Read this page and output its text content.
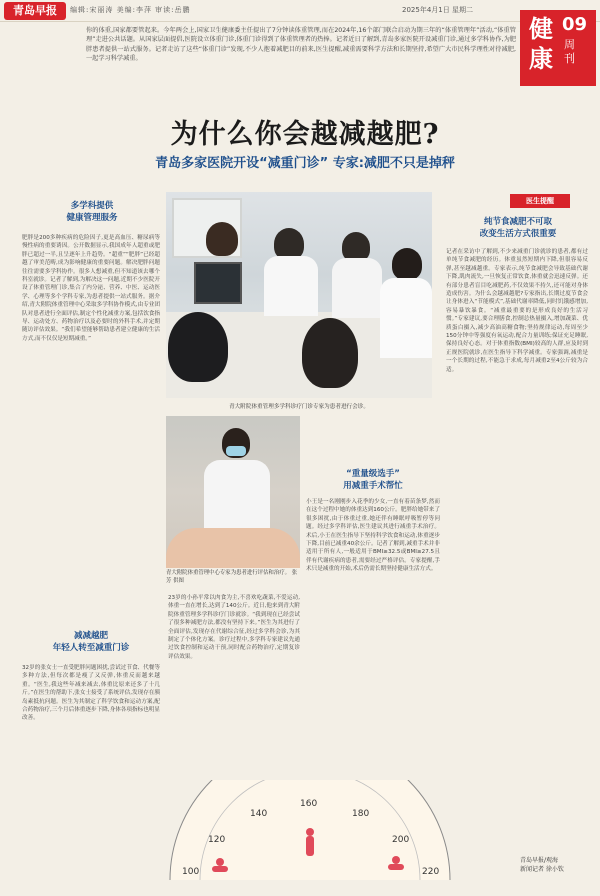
青岛早报	编辑:宋丽涛 美编:李萍 审读:岳鹏	2025年4月1日 星期二
健康
09
周刊
你的体重,国家都要管起来。今年两会上,国家卫生健康委主任提出了7分钟读体重管理,而在2024年,16个部门联合启动为期三年的“体重管理年”活动,“体重管理”走进公共话题。从国家层面提倡,医院设立体重门诊,体重门诊得到了体重管理者的热捧。记者近日了解到,青岛多家医院开设减重门诊,通过多学科协作,为肥胖患者提供一站式服务。记者走访了这些“体重门诊”发现,不少人抱着减肥目的前来,医生提醒,减重需要科学方法和长期坚持,希望广大市民科学理性对待减肥,一起学习科学减重。
为什么你会越减越肥?
青岛多家医院开设“减重门诊” 专家:减肥不只是掉秤
多学科提供
健康管理服务
肥胖是200多种疾病的危险因子,更是高血压、糖尿病等慢性病的重要诱因。公开数据显示,我国成年人超重或肥胖已超过一半,且呈逐年上升趋势。“超重”“肥胖”已经超越了审美范畴,成为影响健康的重要问题。解决肥胖问题往往需要多学科协作。很多人想减重,但不知道该去哪个科室就诊。记者了解到,为解决这一问题,近期不少医院开设了体重管理门诊,集合了内分泌、营养、中医、运动医学、心理等多个学科专家,为患者提供一站式服务。据介绍,青大附院体重管理中心采取多学科协作模式,由专业团队对患者进行全面评估,制定个性化减重方案,包括饮食指导、运动处方、药物治疗以及必要时的外科手术,并定期随访评估效果。“我们希望能够帮助患者建立健康的生活方式,而不仅仅是短期减重。”
减减越肥
年轻人转至减重门诊
32岁的张女士一直受肥胖问题困扰,尝试过节食、代餐等多种方法,但每次都是瘦了又反弹,体重反而越来越重。“医生,我这些年减来减去,体重比原来还多了十几斤。”在医生的帮助下,张女士接受了系统评估,发现存在胰岛素抵抗问题。医生为其制定了科学饮食和运动方案,配合药物治疗,三个月后体重逐步下降,身体各项指标也明显改善。
青大附院体重管理多学科诊疗门诊专家为患者进行会诊。
青大附院体重管理中心专家为患者进行评估和治疗。 张芳 供图
23岁的小孙平常以肉食为主,不喜欢吃蔬菜,不爱运动,体重一直在增长,达到了140公斤。近日,他来到青大附院体重管理多学科诊疗门诊就诊。“我到现在已经尝试了很多种减肥方法,都没有坚持下来。”医生为其进行了全面评估,发现存在代谢综合征,经过多学科会诊,为其制定了个体化方案。诊疗过程中,多学科专家建议先通过饮食控制和运动干预,同时配合药物治疗,定期复诊评估效果。
“重量级选手”
用减重手术帮忙
小王是一名刚刚步入花季的少女,一直有着苗条梦,然而在这个过程中她的体重达到160公斤。肥胖给她带来了很多困扰,由于体重过重,她还伴有睡眠呼吸暂停等问题。经过多学科评估,医生建议其进行减重手术治疗。术后,小王在医生指导下坚持科学饮食和运动,体重逐步下降,目前已减重40余公斤。记者了解到,减重手术并非适用于所有人,一般适用于BMI≥32.5或BMI≥27.5且伴有代谢疾病的患者,需要经过严格评估。专家提醒,手术只是减重的开始,术后仍需长期坚持健康生活方式。
医生提醒
纯节食减肥不可取
改变生活方式很重要
记者在采访中了解到,不少来减重门诊就诊的患者,都有过单纯节食减肥的经历。体重虽然短期内下降,但很容易反弹,甚至越减越重。专家表示,纯节食减肥会导致基础代谢下降,肌肉流失,一旦恢复正常饮食,体重就会迅速反弹。还有部分患者盲目吃减肥药,不仅效果不持久,还可能对身体造成伤害。为什么会越减越肥?专家指出,长期过度节食会让身体进入“节能模式”,基础代谢率降低,同时饥饿感增加,容易暴饮暴食。“减重最重要的是形成良好的生活习惯。”专家建议,要合理膳食,控制总热量摄入,增加蔬菜、优质蛋白摄入,减少高油高糖食物;坚持规律运动,每周至少150分钟中等强度有氧运动,配合力量训练;保证充足睡眠,保持良好心态。对于体重指数(BMI)较高的人群,应及时到正规医院就诊,在医生指导下科学减重。专家强调,减重是一个长期的过程,不能急于求成,每月减重2至4公斤较为合适。
100
120
140
160
180
200
220
青岛早报/观海
新闻记者 徐小钦
